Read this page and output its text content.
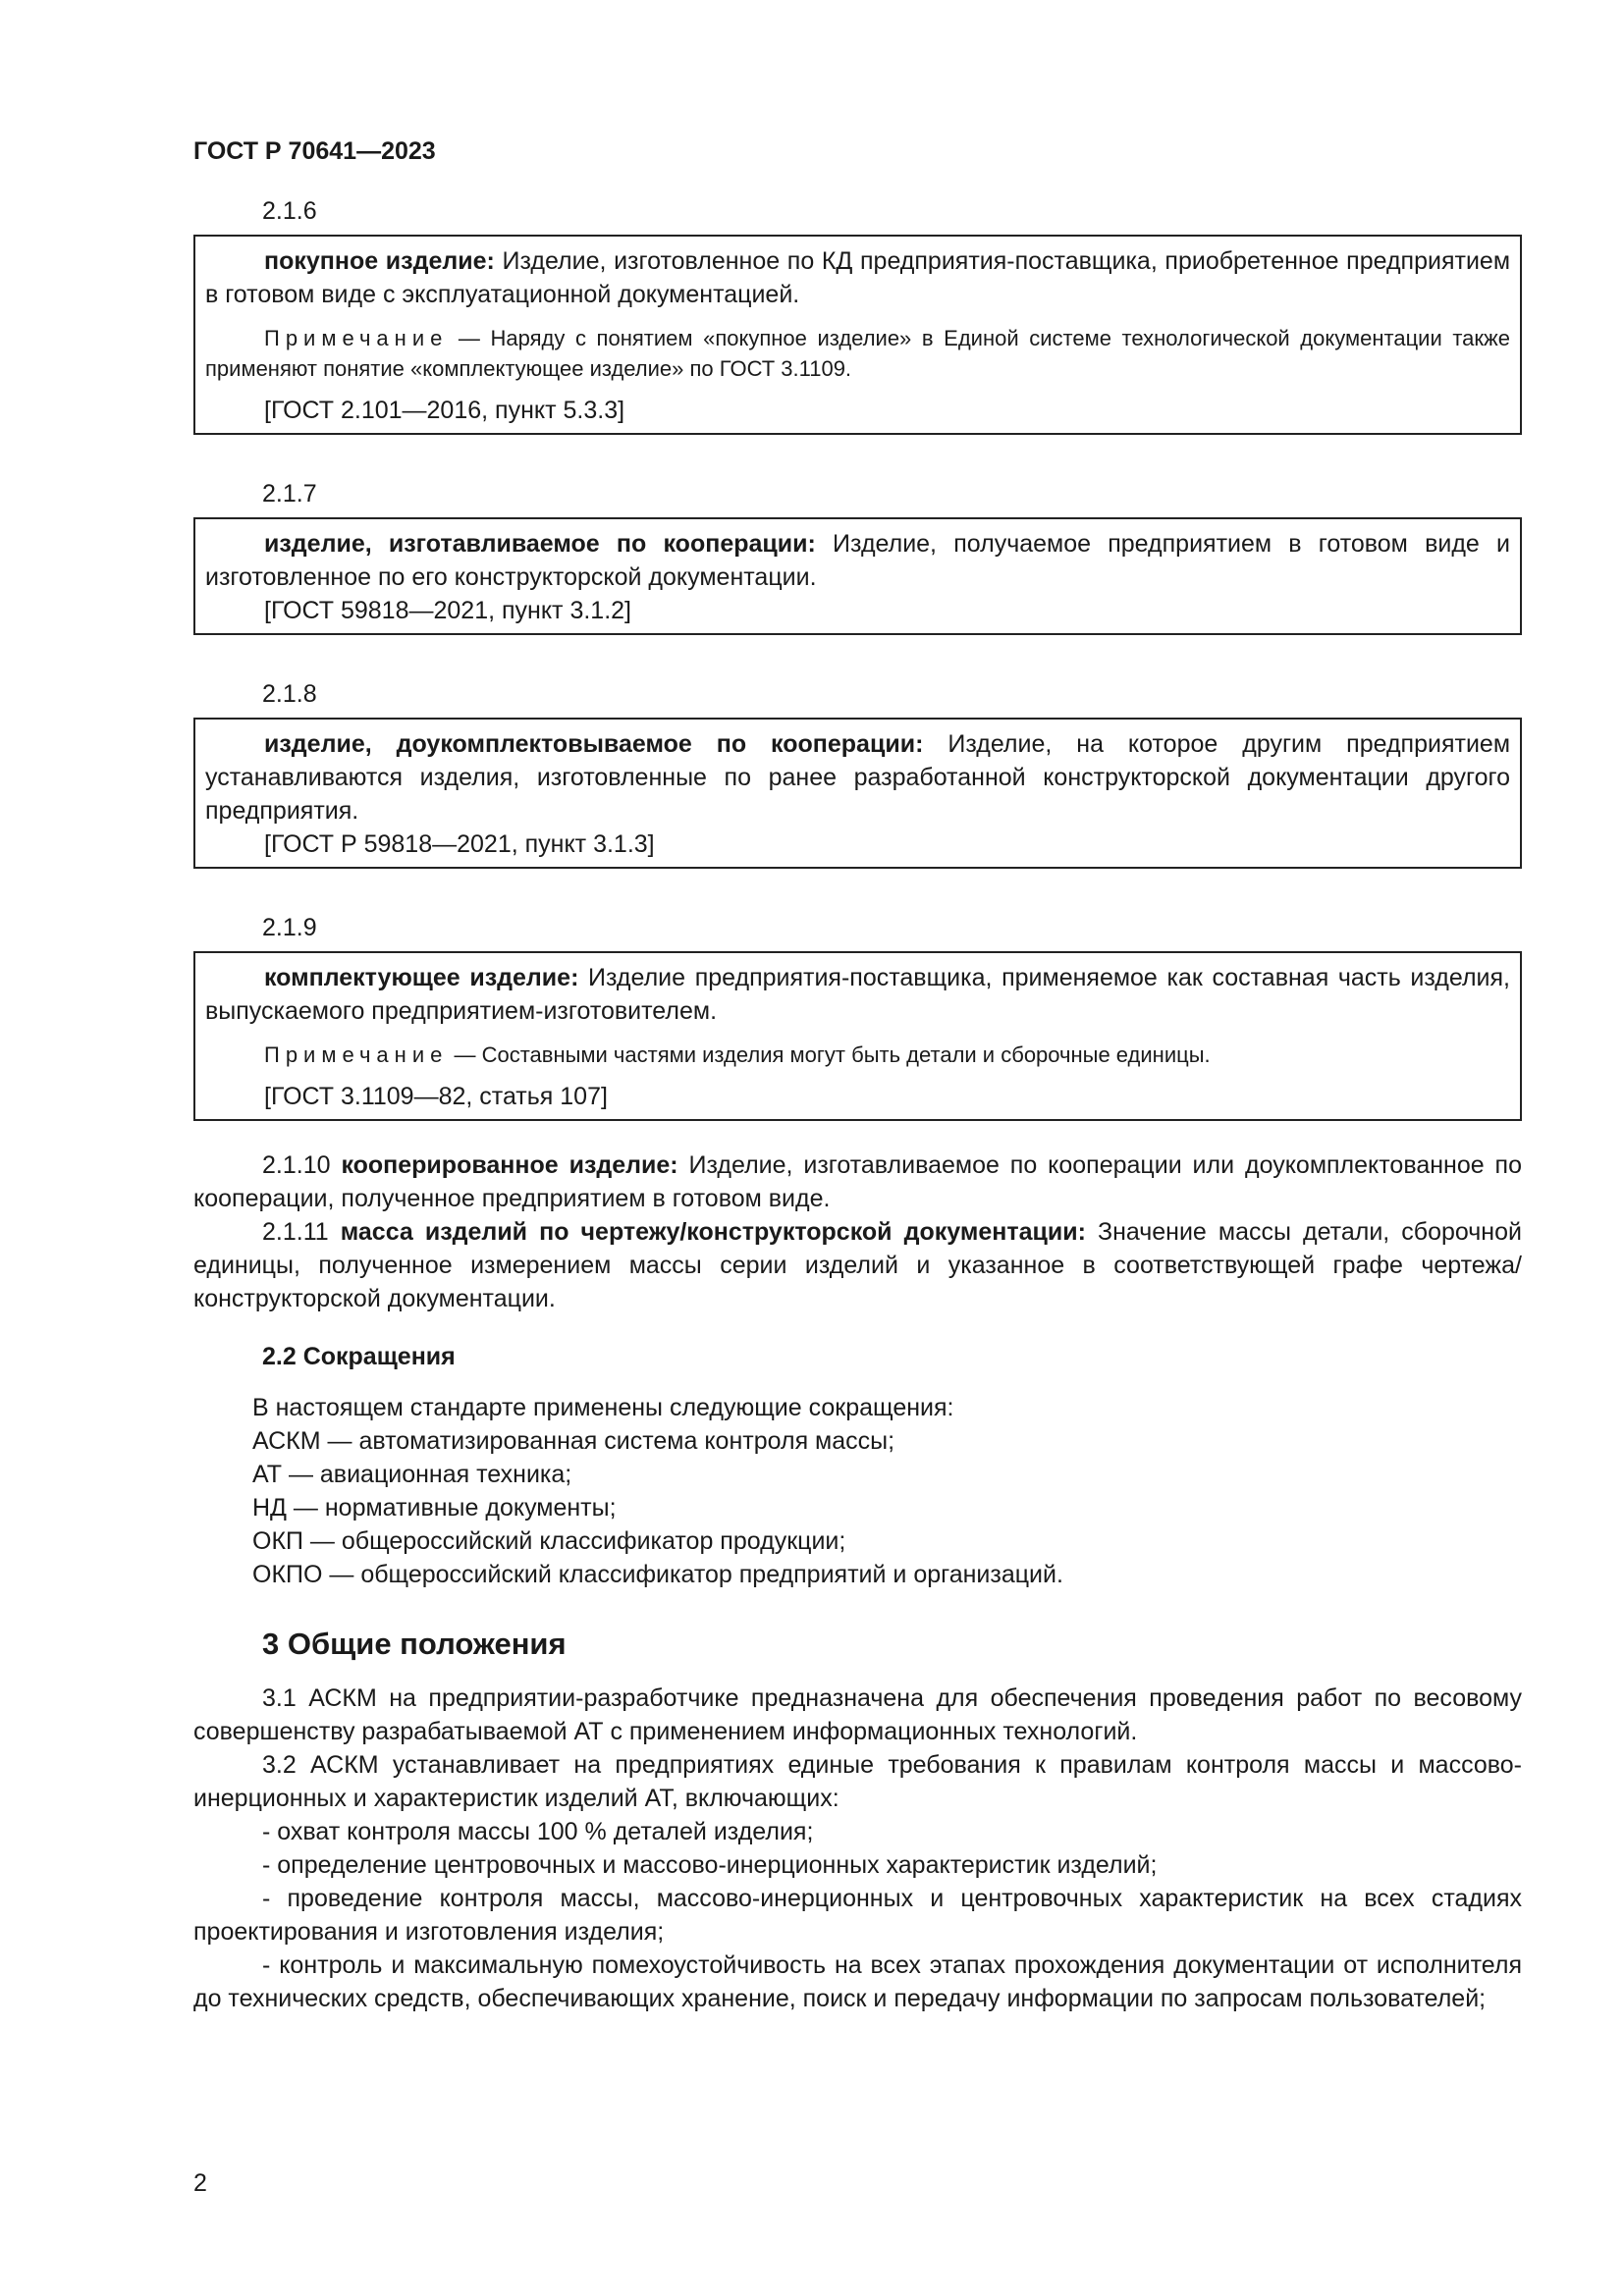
ГОСТ Р 70641—2023
2.1.6

покупное изделие: Изделие, изготовленное по КД предприятия-поставщика, приобретенное предприятием в готовом виде с эксплуатационной документацией.

Примечание — Наряду с понятием «покупное изделие» в Единой системе технологической документации также применяют понятие «комплектующее изделие» по ГОСТ 3.1109.

[ГОСТ 2.101—2016, пункт 5.3.3]

2.1.7

изделие, изготавливаемое по кооперации: Изделие, получаемое предприятием в готовом виде и изготовленное по его конструкторской документации.

[ГОСТ 59818—2021, пункт 3.1.2]

2.1.8

изделие, доукомплектовываемое по кооперации: Изделие, на которое другим предприятием устанавливаются изделия, изготовленные по ранее разработанной конструкторской документации другого предприятия.

[ГОСТ Р 59818—2021, пункт 3.1.3]

2.1.9

комплектующее изделие: Изделие предприятия-поставщика, применяемое как составная часть изделия, выпускаемого предприятием-изготовителем.

Примечание — Составными частями изделия могут быть детали и сборочные единицы.

[ГОСТ 3.1109—82, статья 107]

2.1.10 кооперированное изделие: Изделие, изготавливаемое по кооперации или доукомплектованное по кооперации, полученное предприятием в готовом виде.

2.1.11 масса изделий по чертежу/конструкторской документации: Значение массы детали, сборочной единицы, полученное измерением массы серии изделий и указанное в соответствующей графе чертежа/конструкторской документации.

2.2 Сокращения

В настоящем стандарте применены следующие сокращения:

АСКМ — автоматизированная система контроля массы;

АТ — авиационная техника;

НД — нормативные документы;

ОКП — общероссийский классификатор продукции;

ОКПО — общероссийский классификатор предприятий и организаций.

3 Общие положения

3.1 АСКМ на предприятии-разработчике предназначена для обеспечения проведения работ по весовому совершенству разрабатываемой АТ с применением информационных технологий.

3.2 АСКМ устанавливает на предприятиях единые требования к правилам контроля массы и массово-инерционных и характеристик изделий АТ, включающих:

- охват контроля массы 100 % деталей изделия;

- определение центровочных и массово-инерционных характеристик изделий;

- проведение контроля массы, массово-инерционных и центровочных характеристик на всех стадиях проектирования и изготовления изделия;

- контроль и максимальную помехоустойчивость на всех этапах прохождения документации от исполнителя до технических средств, обеспечивающих хранение, поиск и передачу информации по запросам пользователей;

2
